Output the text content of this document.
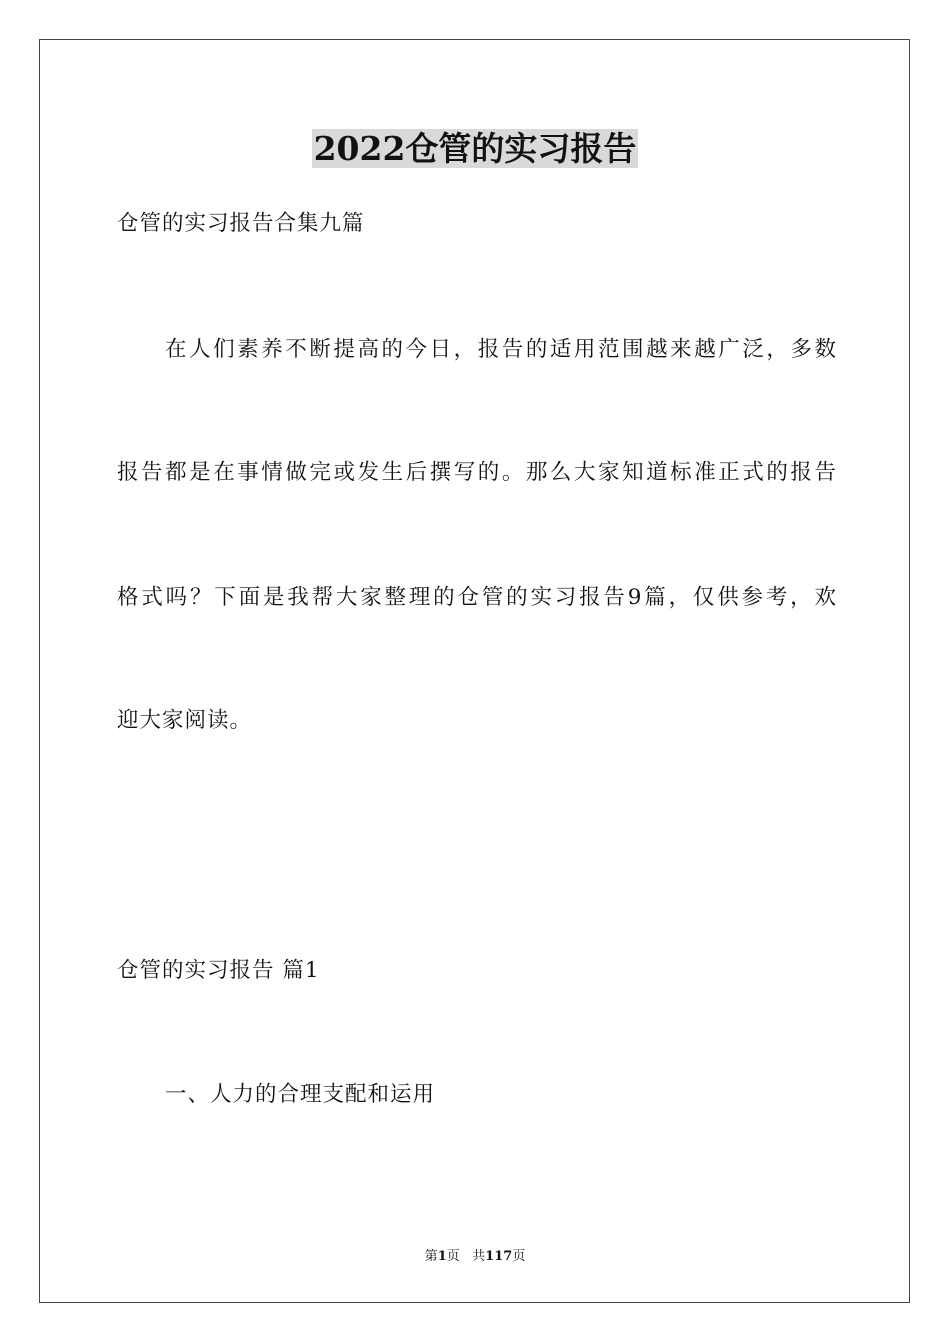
2022仓管的实习报告
仓管的实习报告合集九篇
在人们素养不断提高的今日，报告的适用范围越来越广泛，多数
报告都是在事情做完或发生后撰写的。那么大家知道标准正式的报告
格式吗？下面是我帮大家整理的仓管的实习报告9篇，仅供参考，欢
迎大家阅读。
仓管的实习报告 篇1
一、人力的合理支配和运用
第1页 共117页
